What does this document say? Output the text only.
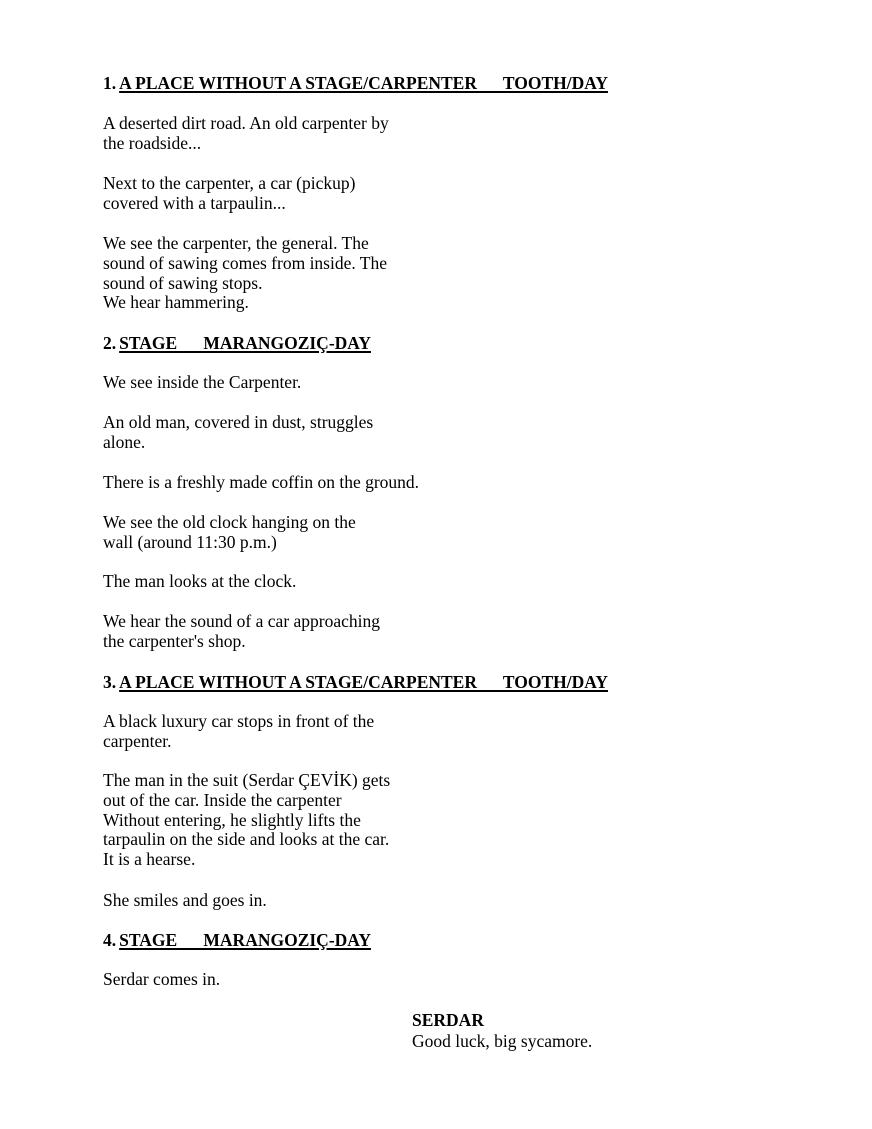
1. A PLACE WITHOUT A STAGE/CARPENTER      TOOTH/DAY
A deserted dirt road. An old carpenter by
the roadside...
Next to the carpenter, a car (pickup)
covered with a tarpaulin...
We see the carpenter, the general. The
sound of sawing comes from inside. The
sound of sawing stops.
We hear hammering.
2. STAGE      MARANGOZIÇ-DAY
We see inside the Carpenter.
An old man, covered in dust, struggles
alone.
There is a freshly made coffin on the ground.
We see the old clock hanging on the
wall (around 11:30 p.m.)
The man looks at the clock.
We hear the sound of a car approaching
the carpenter's shop.
3. A PLACE WITHOUT A STAGE/CARPENTER      TOOTH/DAY
A black luxury car stops in front of the
carpenter.
The man in the suit (Serdar ÇEVİK) gets
out of the car. Inside the carpenter
Without entering, he slightly lifts the
tarpaulin on the side and looks at the car.
It is a hearse.
She smiles and goes in.
4. STAGE      MARANGOZIÇ-DAY
Serdar comes in.
SERDAR
Good luck, big sycamore.
